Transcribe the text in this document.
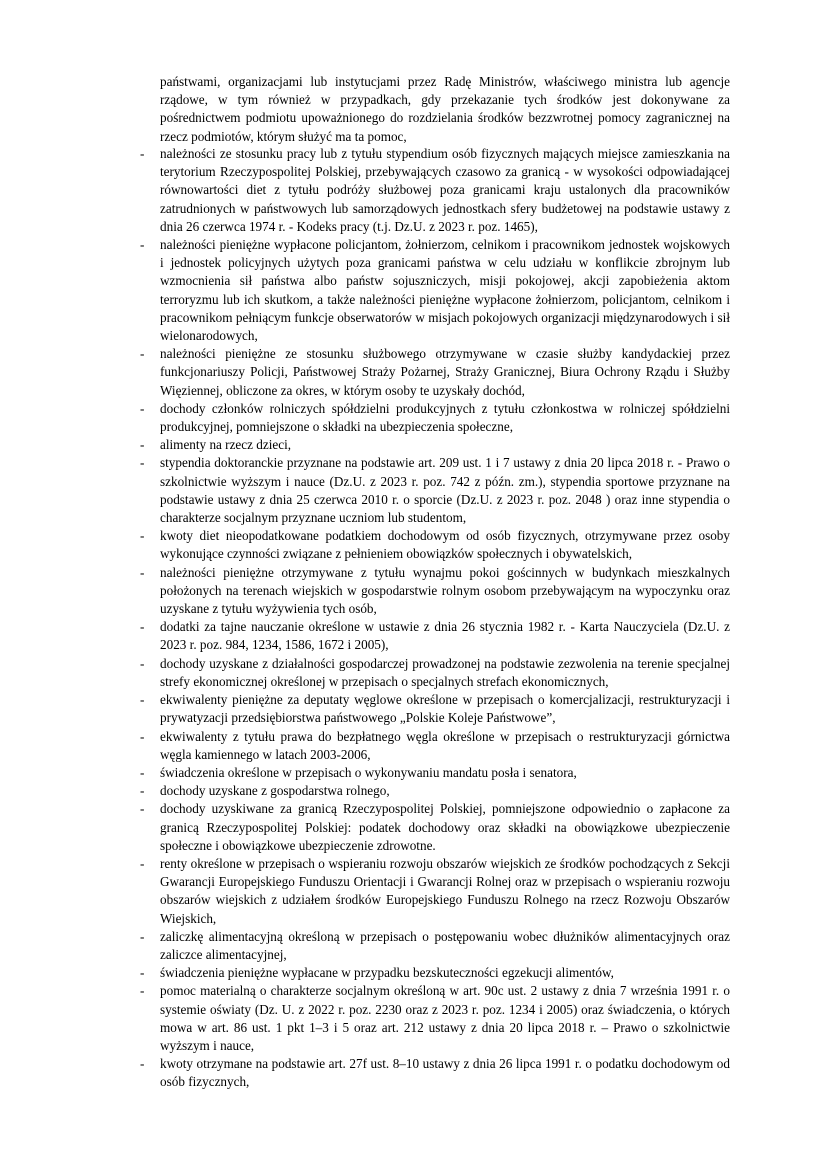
państwami, organizacjami lub instytucjami przez Radę Ministrów, właściwego ministra lub agencje rządowe, w tym również w przypadkach, gdy przekazanie tych środków jest dokonywane za pośrednictwem podmiotu upoważnionego do rozdzielania środków bezzwrotnej pomocy zagranicznej na rzecz podmiotów, którym służyć ma ta pomoc,

-	należności ze stosunku pracy lub z tytułu stypendium osób fizycznych mających miejsce zamieszkania na terytorium Rzeczypospolitej Polskiej, przebywających czasowo za granicą - w wysokości odpowiadającej równowartości diet z tytułu podróży służbowej poza granicami kraju ustalonych dla pracowników zatrudnionych w państwowych lub samorządowych jednostkach sfery budżetowej na podstawie ustawy z dnia 26 czerwca 1974 r. - Kodeks pracy (t.j. Dz.U. z 2023 r. poz. 1465),
-	należności pieniężne wypłacone policjantom, żołnierzom, celnikom i pracownikom jednostek wojskowych i jednostek policyjnych użytych poza granicami państwa w celu udziału w konflikcie zbrojnym lub wzmocnienia sił państwa albo państw sojuszniczych, misji pokojowej, akcji zapobieżenia aktom terroryzmu lub ich skutkom, a także należności pieniężne wypłacone żołnierzom, policjantom, celnikom i pracownikom pełniącym funkcje obserwatorów w misjach pokojowych organizacji międzynarodowych i sił wielonarodowych,
-	należności pieniężne ze stosunku służbowego otrzymywane w czasie służby kandydackiej przez funkcjonariuszy Policji, Państwowej Straży Pożarnej, Straży Granicznej, Biura Ochrony Rządu i Służby Więziennej, obliczone za okres, w którym osoby te uzyskały dochód,
-	dochody członków rolniczych spółdzielni produkcyjnych z tytułu członkostwa w rolniczej spółdzielni produkcyjnej, pomniejszone o składki na ubezpieczenia społeczne,
-	alimenty na rzecz dzieci,
-	stypendia doktoranckie przyznane na podstawie art. 209 ust. 1 i 7 ustawy z dnia 20 lipca 2018 r. - Prawo o szkolnictwie wyższym i nauce (Dz.U. z 2023 r. poz. 742 z późn. zm.), stypendia sportowe przyznane na podstawie ustawy z dnia 25 czerwca 2010 r. o sporcie (Dz.U. z 2023 r. poz. 2048 ) oraz inne stypendia o charakterze socjalnym przyznane uczniom lub studentom,
-	kwoty diet nieopodatkowane podatkiem dochodowym od osób fizycznych, otrzymywane przez osoby wykonujące czynności związane z pełnieniem obowiązków społecznych i obywatelskich,
-	należności pieniężne otrzymywane z tytułu wynajmu pokoi gościnnych w budynkach mieszkalnych położonych na terenach wiejskich w gospodarstwie rolnym osobom przebywającym na wypoczynku oraz uzyskane z tytułu wyżywienia tych osób,
-	dodatki za tajne nauczanie określone w ustawie z dnia 26 stycznia 1982 r. - Karta Nauczyciela (Dz.U. z 2023 r. poz. 984, 1234, 1586, 1672 i 2005),
-	dochody uzyskane z działalności gospodarczej prowadzonej na podstawie zezwolenia na terenie specjalnej strefy ekonomicznej określonej w przepisach o specjalnych strefach ekonomicznych,
-	ekwiwalenty pieniężne za deputaty węglowe określone w przepisach o komercjalizacji, restrukturyzacji i prywatyzacji przedsiębiorstwa państwowego „Polskie Koleje Państwowe”,
-	ekwiwalenty z tytułu prawa do bezpłatnego węgla określone w przepisach o restrukturyzacji górnictwa węgla kamiennego w latach 2003-2006,
-	świadczenia określone w przepisach o wykonywaniu mandatu posła i senatora,
-	dochody uzyskane z gospodarstwa rolnego,
-	dochody uzyskiwane za granicą Rzeczypospolitej Polskiej, pomniejszone odpowiednio o zapłacone za granicą Rzeczypospolitej Polskiej: podatek dochodowy oraz składki na obowiązkowe ubezpieczenie społeczne i obowiązkowe ubezpieczenie zdrowotne.
-	renty określone w przepisach o wspieraniu rozwoju obszarów wiejskich ze środków pochodzących z Sekcji Gwarancji Europejskiego Funduszu Orientacji i Gwarancji Rolnej oraz w przepisach o wspieraniu rozwoju obszarów wiejskich z udziałem środków Europejskiego Funduszu Rolnego na rzecz Rozwoju Obszarów Wiejskich,
-	zaliczkę alimentacyjną określoną w przepisach o postępowaniu wobec dłużników alimentacyjnych oraz zaliczce alimentacyjnej,
-	świadczenia pieniężne wypłacane w przypadku bezskuteczności egzekucji alimentów,
-	pomoc materialną o charakterze socjalnym określoną w art. 90c ust. 2 ustawy z dnia 7 września 1991 r. o systemie oświaty (Dz. U. z 2022 r. poz. 2230 oraz z 2023 r. poz. 1234 i 2005) oraz świadczenia, o których mowa w art. 86 ust. 1 pkt 1–3 i 5 oraz art. 212 ustawy z dnia 20 lipca 2018 r. – Prawo o szkolnictwie wyższym i nauce,
-	kwoty otrzymane na podstawie art. 27f ust. 8–10 ustawy z dnia 26 lipca 1991 r. o podatku dochodowym od osób fizycznych,
